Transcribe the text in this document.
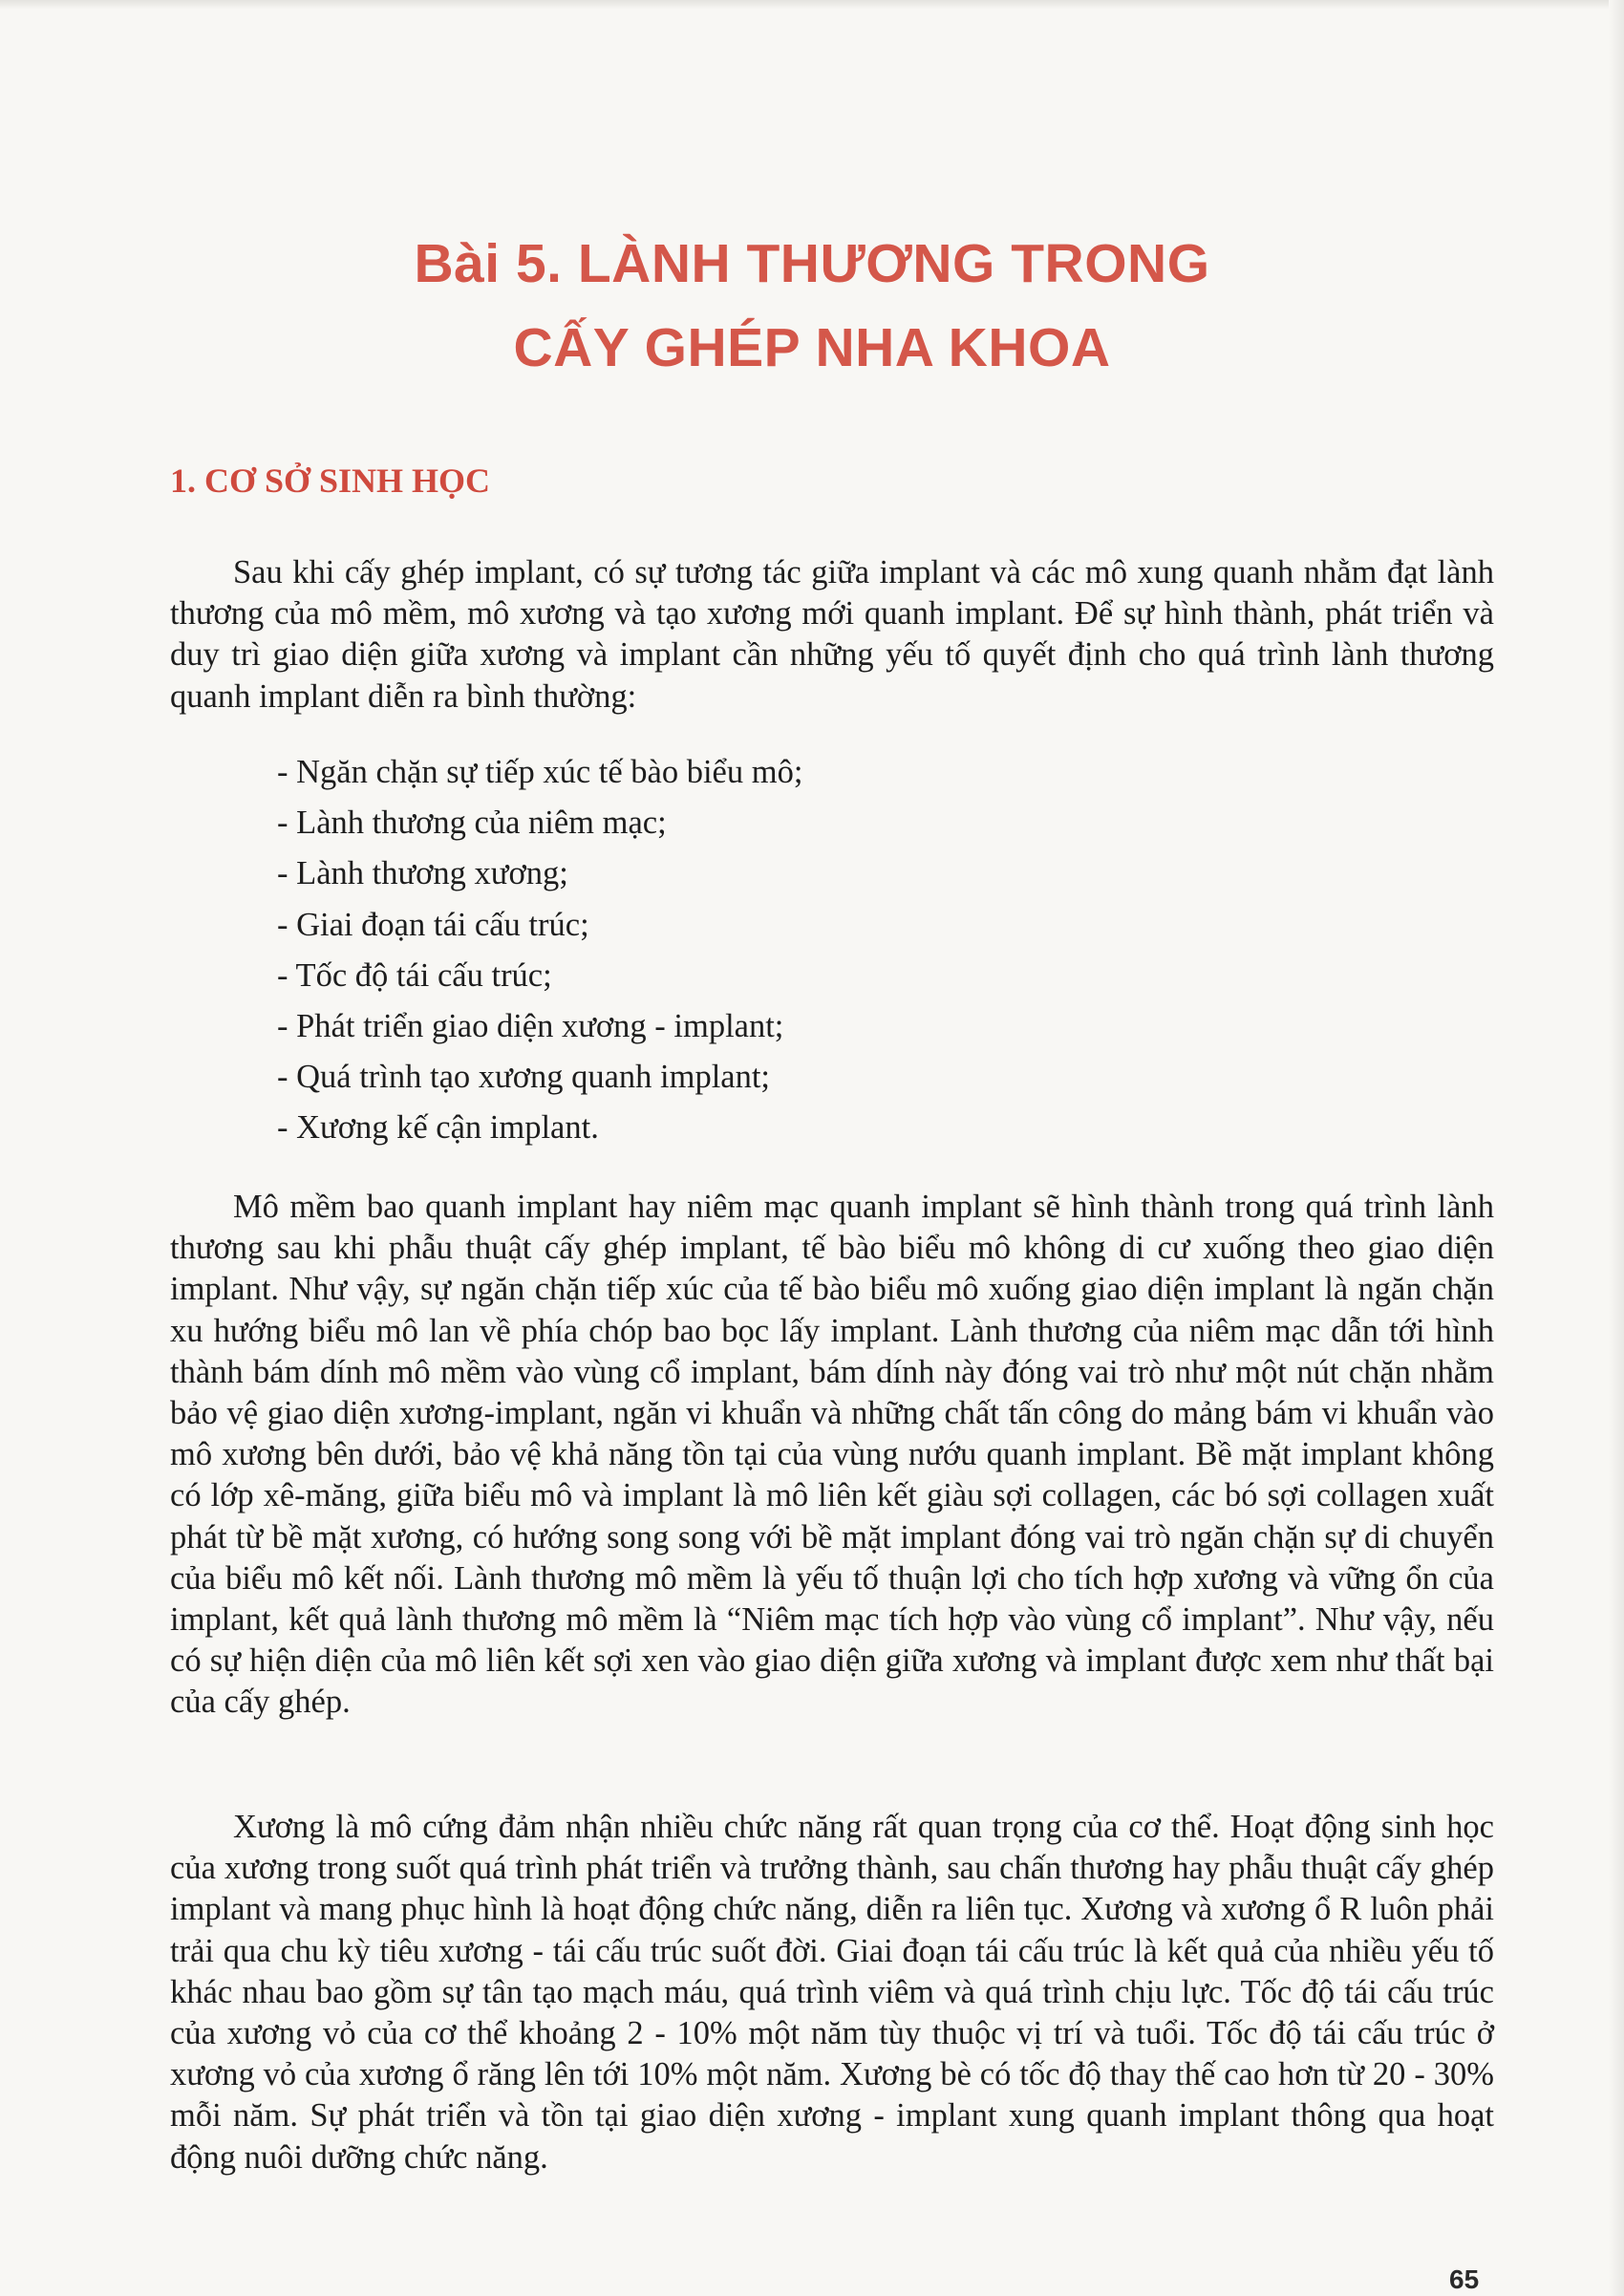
Bài 5. LÀNH THƯƠNG TRONG
CẤY GHÉP NHA KHOA
1. CƠ SỞ SINH HỌC

Sau khi cấy ghép implant, có sự tương tác giữa implant và các mô xung quanh nhằm đạt lành thương của mô mềm, mô xương và tạo xương mới quanh implant. Để sự hình thành, phát triển và duy trì giao diện giữa xương và implant cần những yếu tố quyết định cho quá trình lành thương quanh implant diễn ra bình thường:

- Ngăn chặn sự tiếp xúc tế bào biểu mô;
- Lành thương của niêm mạc;
- Lành thương xương;
- Giai đoạn tái cấu trúc;
- Tốc độ tái cấu trúc;
- Phát triển giao diện xương - implant;
- Quá trình tạo xương quanh implant;
- Xương kế cận implant.

Mô mềm bao quanh implant hay niêm mạc quanh implant sẽ hình thành trong quá trình lành thương sau khi phẫu thuật cấy ghép implant, tế bào biểu mô không di cư xuống theo giao diện implant. Như vậy, sự ngăn chặn tiếp xúc của tế bào biểu mô xuống giao diện implant là ngăn chặn xu hướng biểu mô lan về phía chóp bao bọc lấy implant. Lành thương của niêm mạc dẫn tới hình thành bám dính mô mềm vào vùng cổ implant, bám dính này đóng vai trò như một nút chặn nhằm bảo vệ giao diện xương-implant, ngăn vi khuẩn và những chất tấn công do mảng bám vi khuẩn vào mô xương bên dưới, bảo vệ khả năng tồn tại của vùng nướu quanh implant. Bề mặt implant không có lớp xê-măng, giữa biểu mô và implant là mô liên kết giàu sợi collagen, các bó sợi collagen xuất phát từ bề mặt xương, có hướng song song với bề mặt implant đóng vai trò ngăn chặn sự di chuyển của biểu mô kết nối. Lành thương mô mềm là yếu tố thuận lợi cho tích hợp xương và vững ổn của implant, kết quả lành thương mô mềm là “Niêm mạc tích hợp vào vùng cổ implant”. Như vậy, nếu có sự hiện diện của mô liên kết sợi xen vào giao diện giữa xương và implant được xem như thất bại của cấy ghép.

Xương là mô cứng đảm nhận nhiều chức năng rất quan trọng của cơ thể. Hoạt động sinh học của xương trong suốt quá trình phát triển và trưởng thành, sau chấn thương hay phẫu thuật cấy ghép implant và mang phục hình là hoạt động chức năng, diễn ra liên tục. Xương và xương ổ R luôn phải trải qua chu kỳ tiêu xương - tái cấu trúc suốt đời. Giai đoạn tái cấu trúc là kết quả của nhiều yếu tố khác nhau bao gồm sự tân tạo mạch máu, quá trình viêm và quá trình chịu lực. Tốc độ tái cấu trúc của xương vỏ của cơ thể khoảng 2 - 10% một năm tùy thuộc vị trí và tuổi. Tốc độ tái cấu trúc ở xương vỏ của xương ổ răng lên tới 10% một năm. Xương bè có tốc độ thay thế cao hơn từ 20 - 30% mỗi năm. Sự phát triển và tồn tại giao diện xương - implant xung quanh implant thông qua hoạt động nuôi dưỡng chức năng.

65
